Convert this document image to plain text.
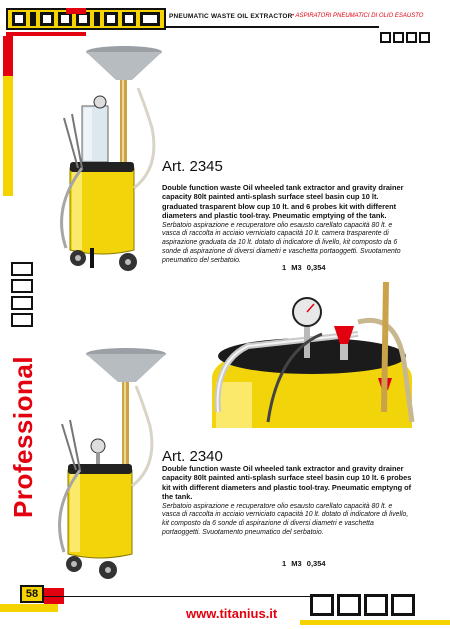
PNEUMATIC WASTE OIL EXTRACTOR • ASPIRATORI PNEUMATICI DI OLIO ESAUSTO
Professional
Art. 2345
Double function waste Oil wheeled tank extractor and gravity drainer capacity 80lt painted anti-splash surface steel basin cup 10 lt. graduated trasparent blow cup 10 lt. and 6 probes kit with different diameters and plastic tool-tray. Pneumatic emptying of the tank.
Serbatoio aspirazione e recuperatore olio esausto carellato capacità 80 lt. e vasca di raccolta in acciaio verniciato capacità 10 lt. camera trasparente di aspirazione graduata da 10 lt. dotato di indicatore di livello, kit composto da 6 sonde di aspirazione di diversi diametri e vaschetta portaoggetti. Svuotamento pneumatico del serbatoio.
1 M3 0,354
Art. 2340
Double function waste Oil wheeled tank extractor and gravity drainer capacity 80lt painted anti-splash surface steel basin cup 10 lt. 6 probes kit with different diameters and plastic tool-tray. Pneumatic emptyng of the tank.
Serbatoio aspirazione e recuperatore olio esausto carellato capacità 80 lt. e vasca di raccolta in acciaio verniciato capacità 10 lt. dotato di indicatore di livello, kit composto da 6 sonde di aspirazione di diversi diametri e vaschetta portaoggetti. Svuotamento pneumatico del serbatoio.
1 M3 0,354
58
www.titanius.it
